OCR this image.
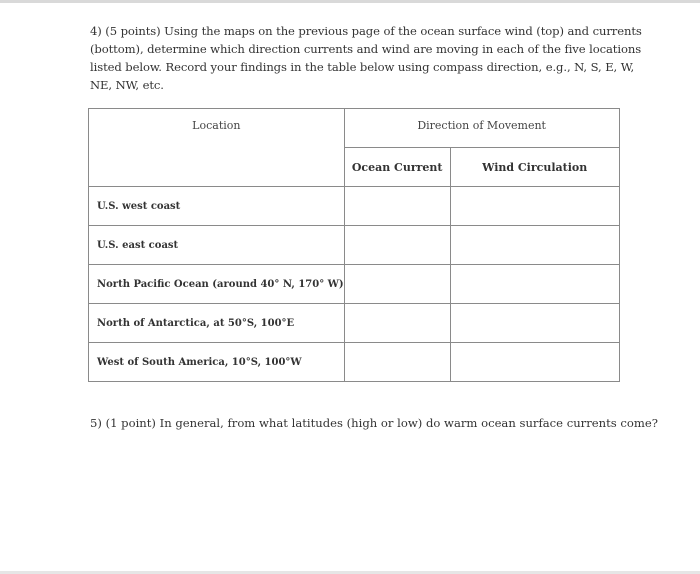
4) (5 points) Using the maps on the previous page of the ocean surface wind (top) and currents
(bottom), determine which direction currents and wind are moving in each of the five locations
listed below. Record your findings in the table below using compass direction, e.g., N, S, E, W,
NE, NW, etc.
Location	Direction of Movement	
	Ocean Current	Wind Circulation
U.S. west coast		
U.S. east coast		
North Pacific Ocean (around 40° N, 170° W)		
North of Antarctica, at 50°S, 100°E		
West of South America, 10°S, 100°W		
5) (1 point) In general, from what latitudes (high or low) do warm ocean surface currents come?
